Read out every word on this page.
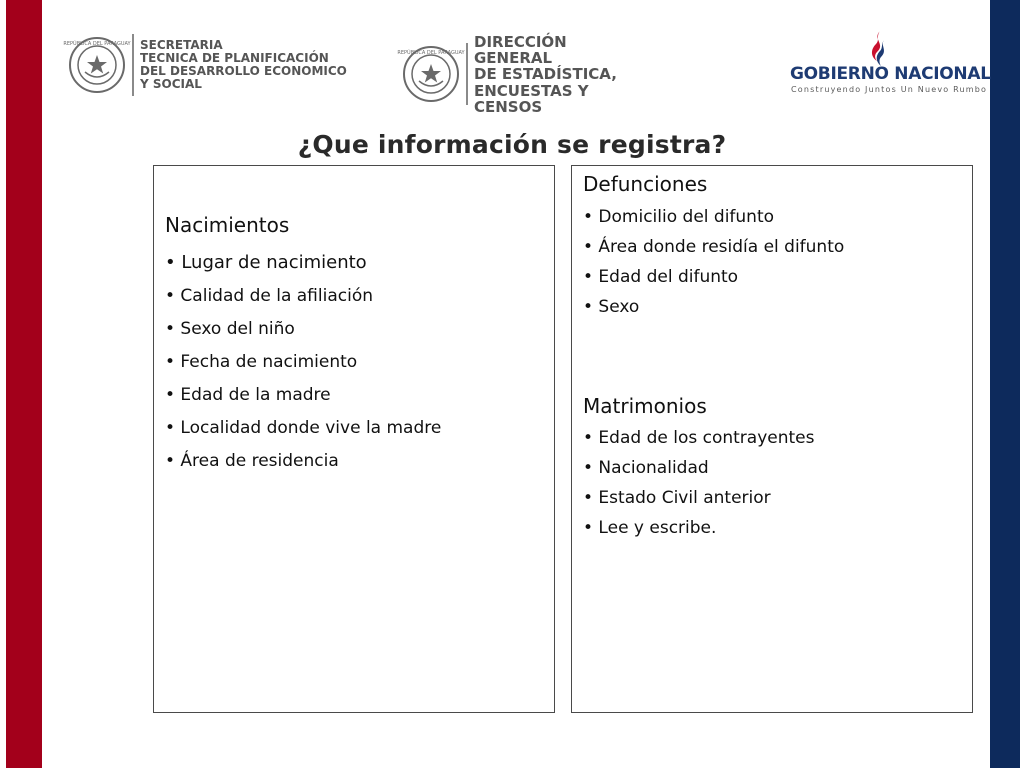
REPÚBLICA DEL PARAGUAY SECRETARIA
TECNICA DE PLANIFICACIÓN
DEL DESARROLLO ECONOMICO
Y SOCIAL
REPÚBLICA DEL PARAGUAY
DIRECCIÓN GENERAL
DE ESTADÍSTICA,
ENCUESTAS Y CENSOS
GOBIERNO NACIONAL
Construyendo Juntos Un Nuevo Rumbo
¿Que información se registra?
Nacimientos
• Lugar de nacimiento
• Calidad de la afiliación
• Sexo del niño
• Fecha de nacimiento
• Edad de la madre
• Localidad donde vive la madre
• Área de residencia
Defunciones
• Domicilio del difunto
• Área donde residía el difunto
• Edad del difunto
• Sexo
Matrimonios
• Edad de los contrayentes
• Nacionalidad
• Estado Civil anterior
• Lee y escribe.
